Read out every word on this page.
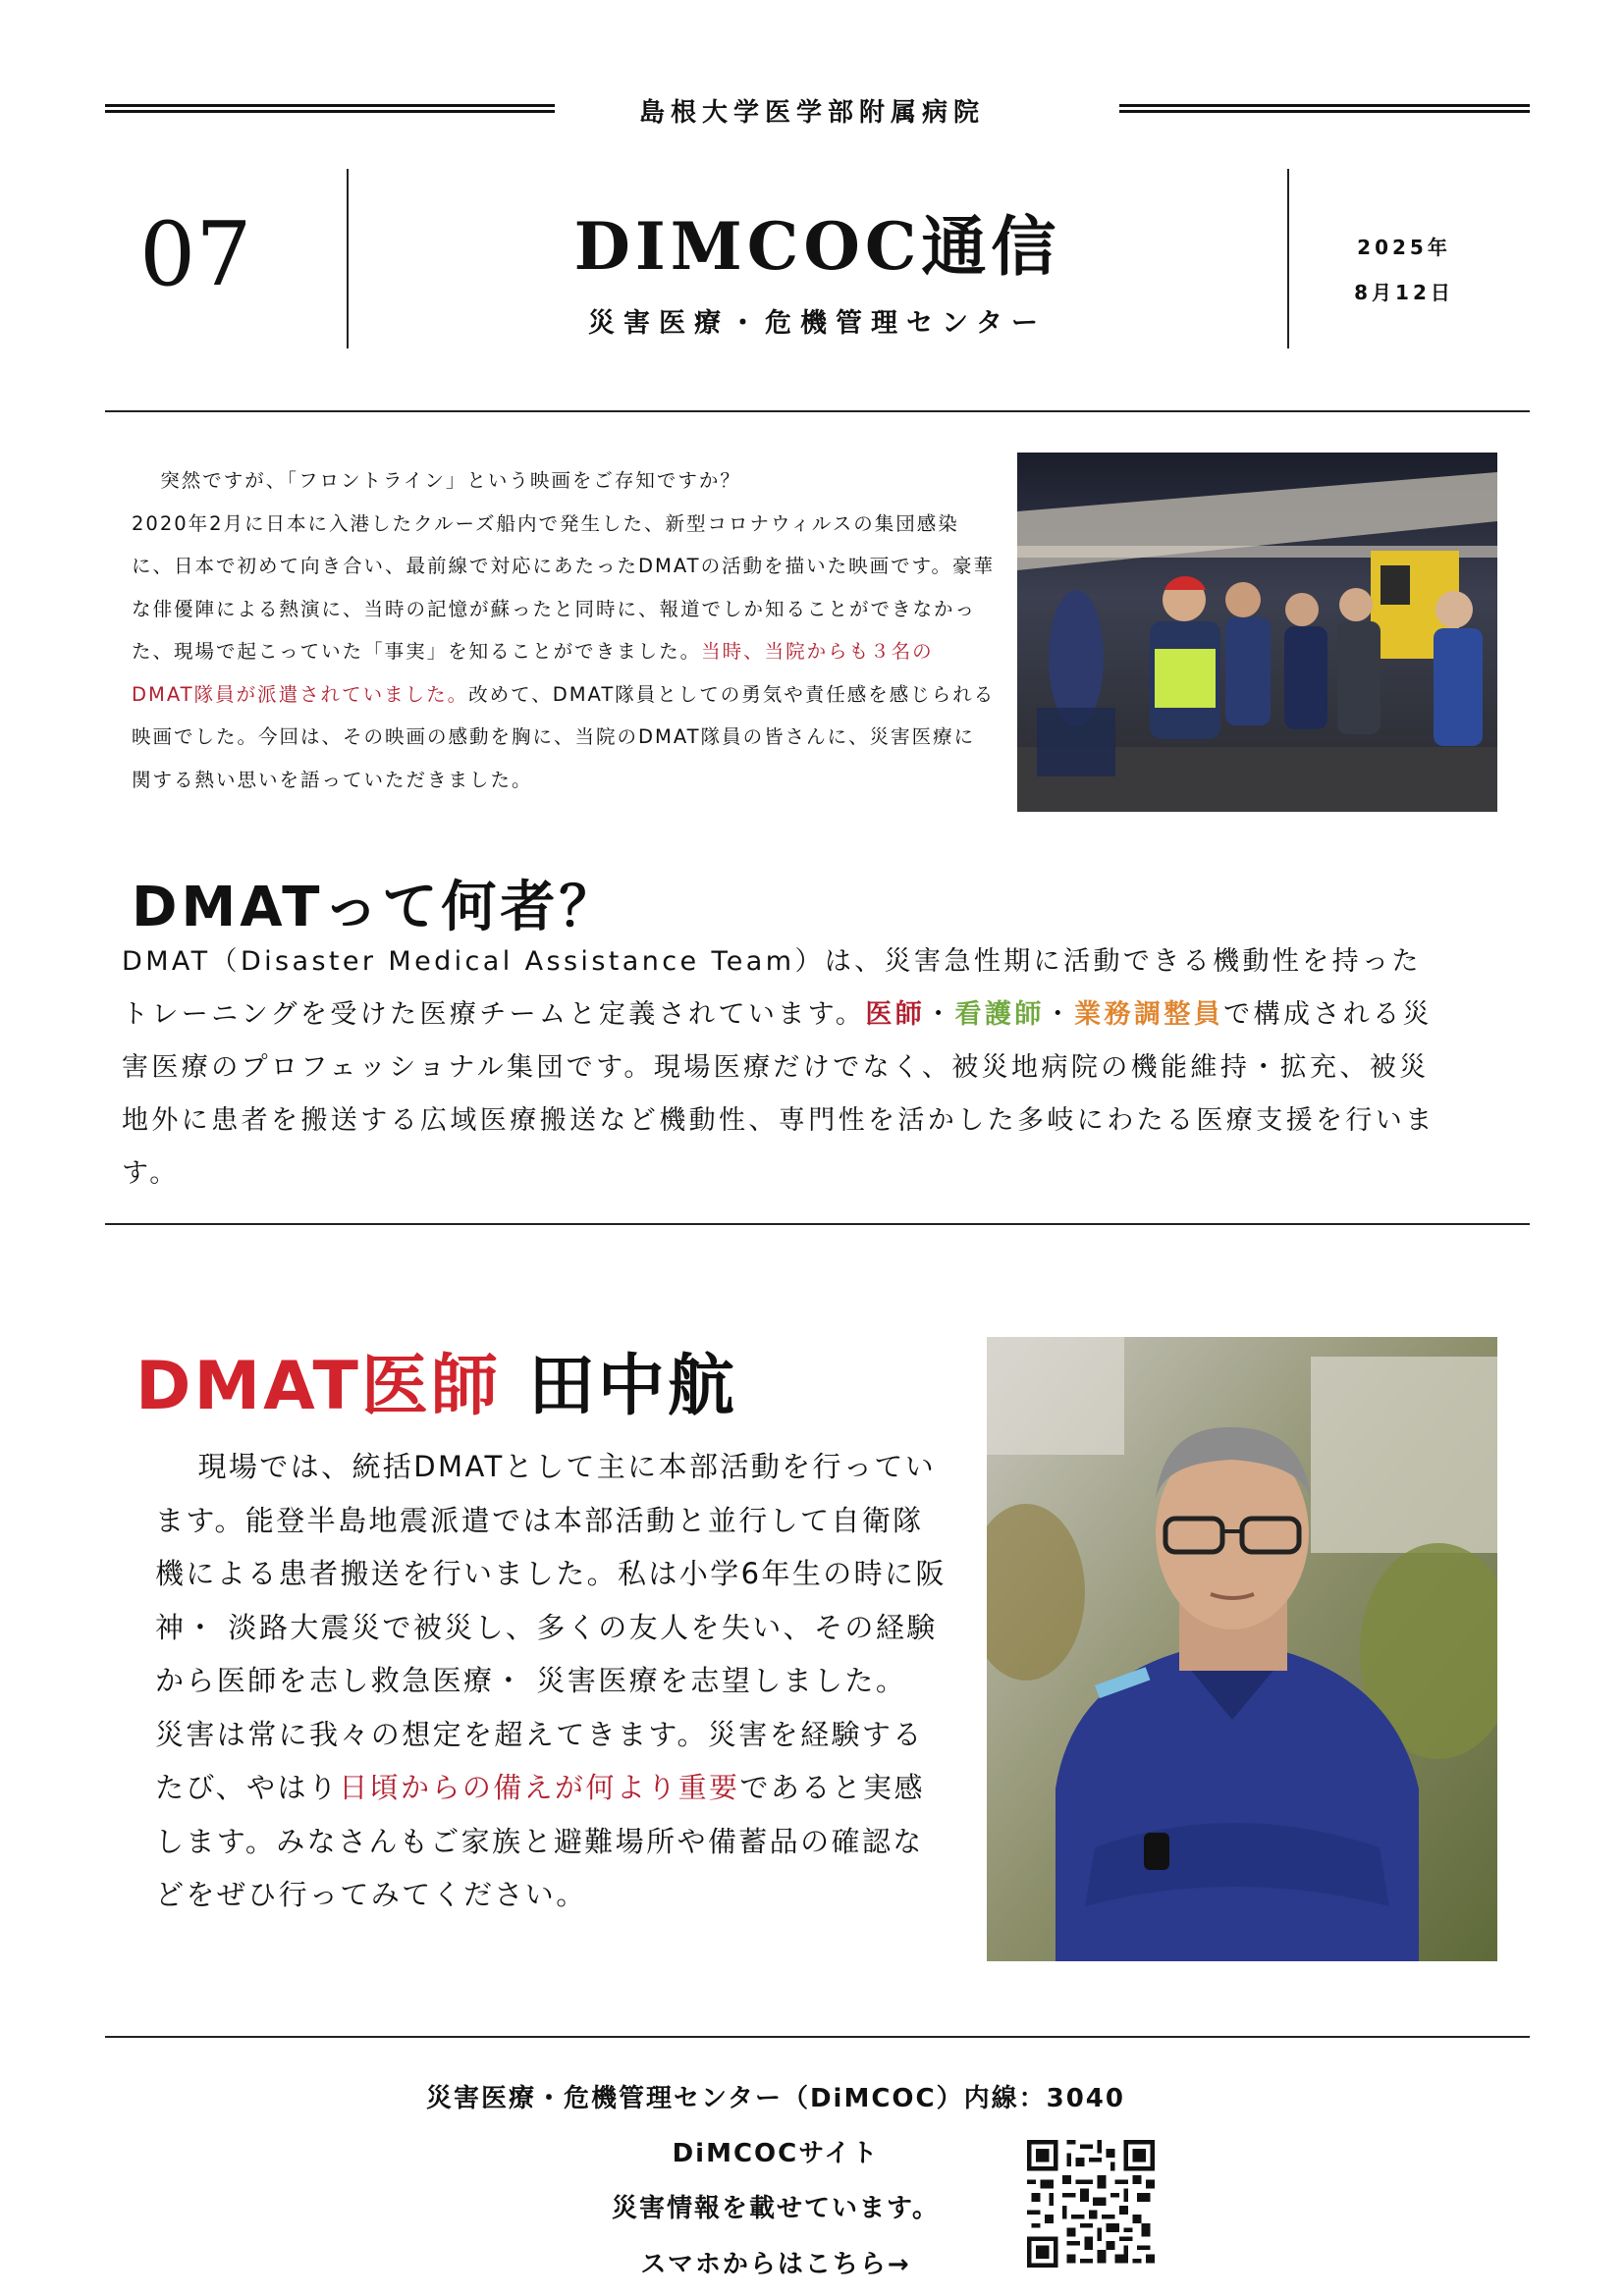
島根大学医学部附属病院
07	DIMCOC通信
災害医療・危機管理センター
2025年
8月12日
突然ですが、「フロントライン」という映画をご存知ですか？
2020年2月に日本に入港したクルーズ船内で発生した、新型コロナウィルスの集団感染に、日本で初めて向き合い、最前線で対応にあたったDMATの活動を描いた映画です。豪華な俳優陣による熱演に、当時の記憶が蘇ったと同時に、報道でしか知ることができなかった、現場で起こっていた「事実」を知ることができました。当時、当院からも３名のDMAT隊員が派遣されていました。改めて、DMAT隊員としての勇気や責任感を感じられる映画でした。今回は、その映画の感動を胸に、当院のDMAT隊員の皆さんに、災害医療に関する熱い思いを語っていただきました。
DMATって何者？
DMAT（Disaster Medical Assistance Team）は、災害急性期に活動できる機動性を持ったトレーニングを受けた医療チームと定義されています。医師・看護師・業務調整員で構成される災害医療のプロフェッショナル集団です。現場医療だけでなく、被災地病院の機能維持・拡充、被災地外に患者を搬送する広域医療搬送など機動性、専門性を活かした多岐にわたる医療支援を行います。
DMAT医師 田中航
現場では、統括DMATとして主に本部活動を行っています。能登半島地震派遣では本部活動と並行して自衛隊機による患者搬送を行いました。私は小学6年生の時に阪神・ 淡路大震災で被災し、多くの友人を失い、その経験から医師を志し救急医療・ 災害医療を志望しました。
災害は常に我々の想定を超えてきます。災害を経験するたび、やはり日頃からの備えが何より重要であると実感します。みなさんもご家族と避難場所や備蓄品の確認などをぜひ行ってみてください。
災害医療・危機管理センター（DiMCOC）内線：3040
DiMCOCサイト
災害情報を載せています。
スマホからはこちら→
